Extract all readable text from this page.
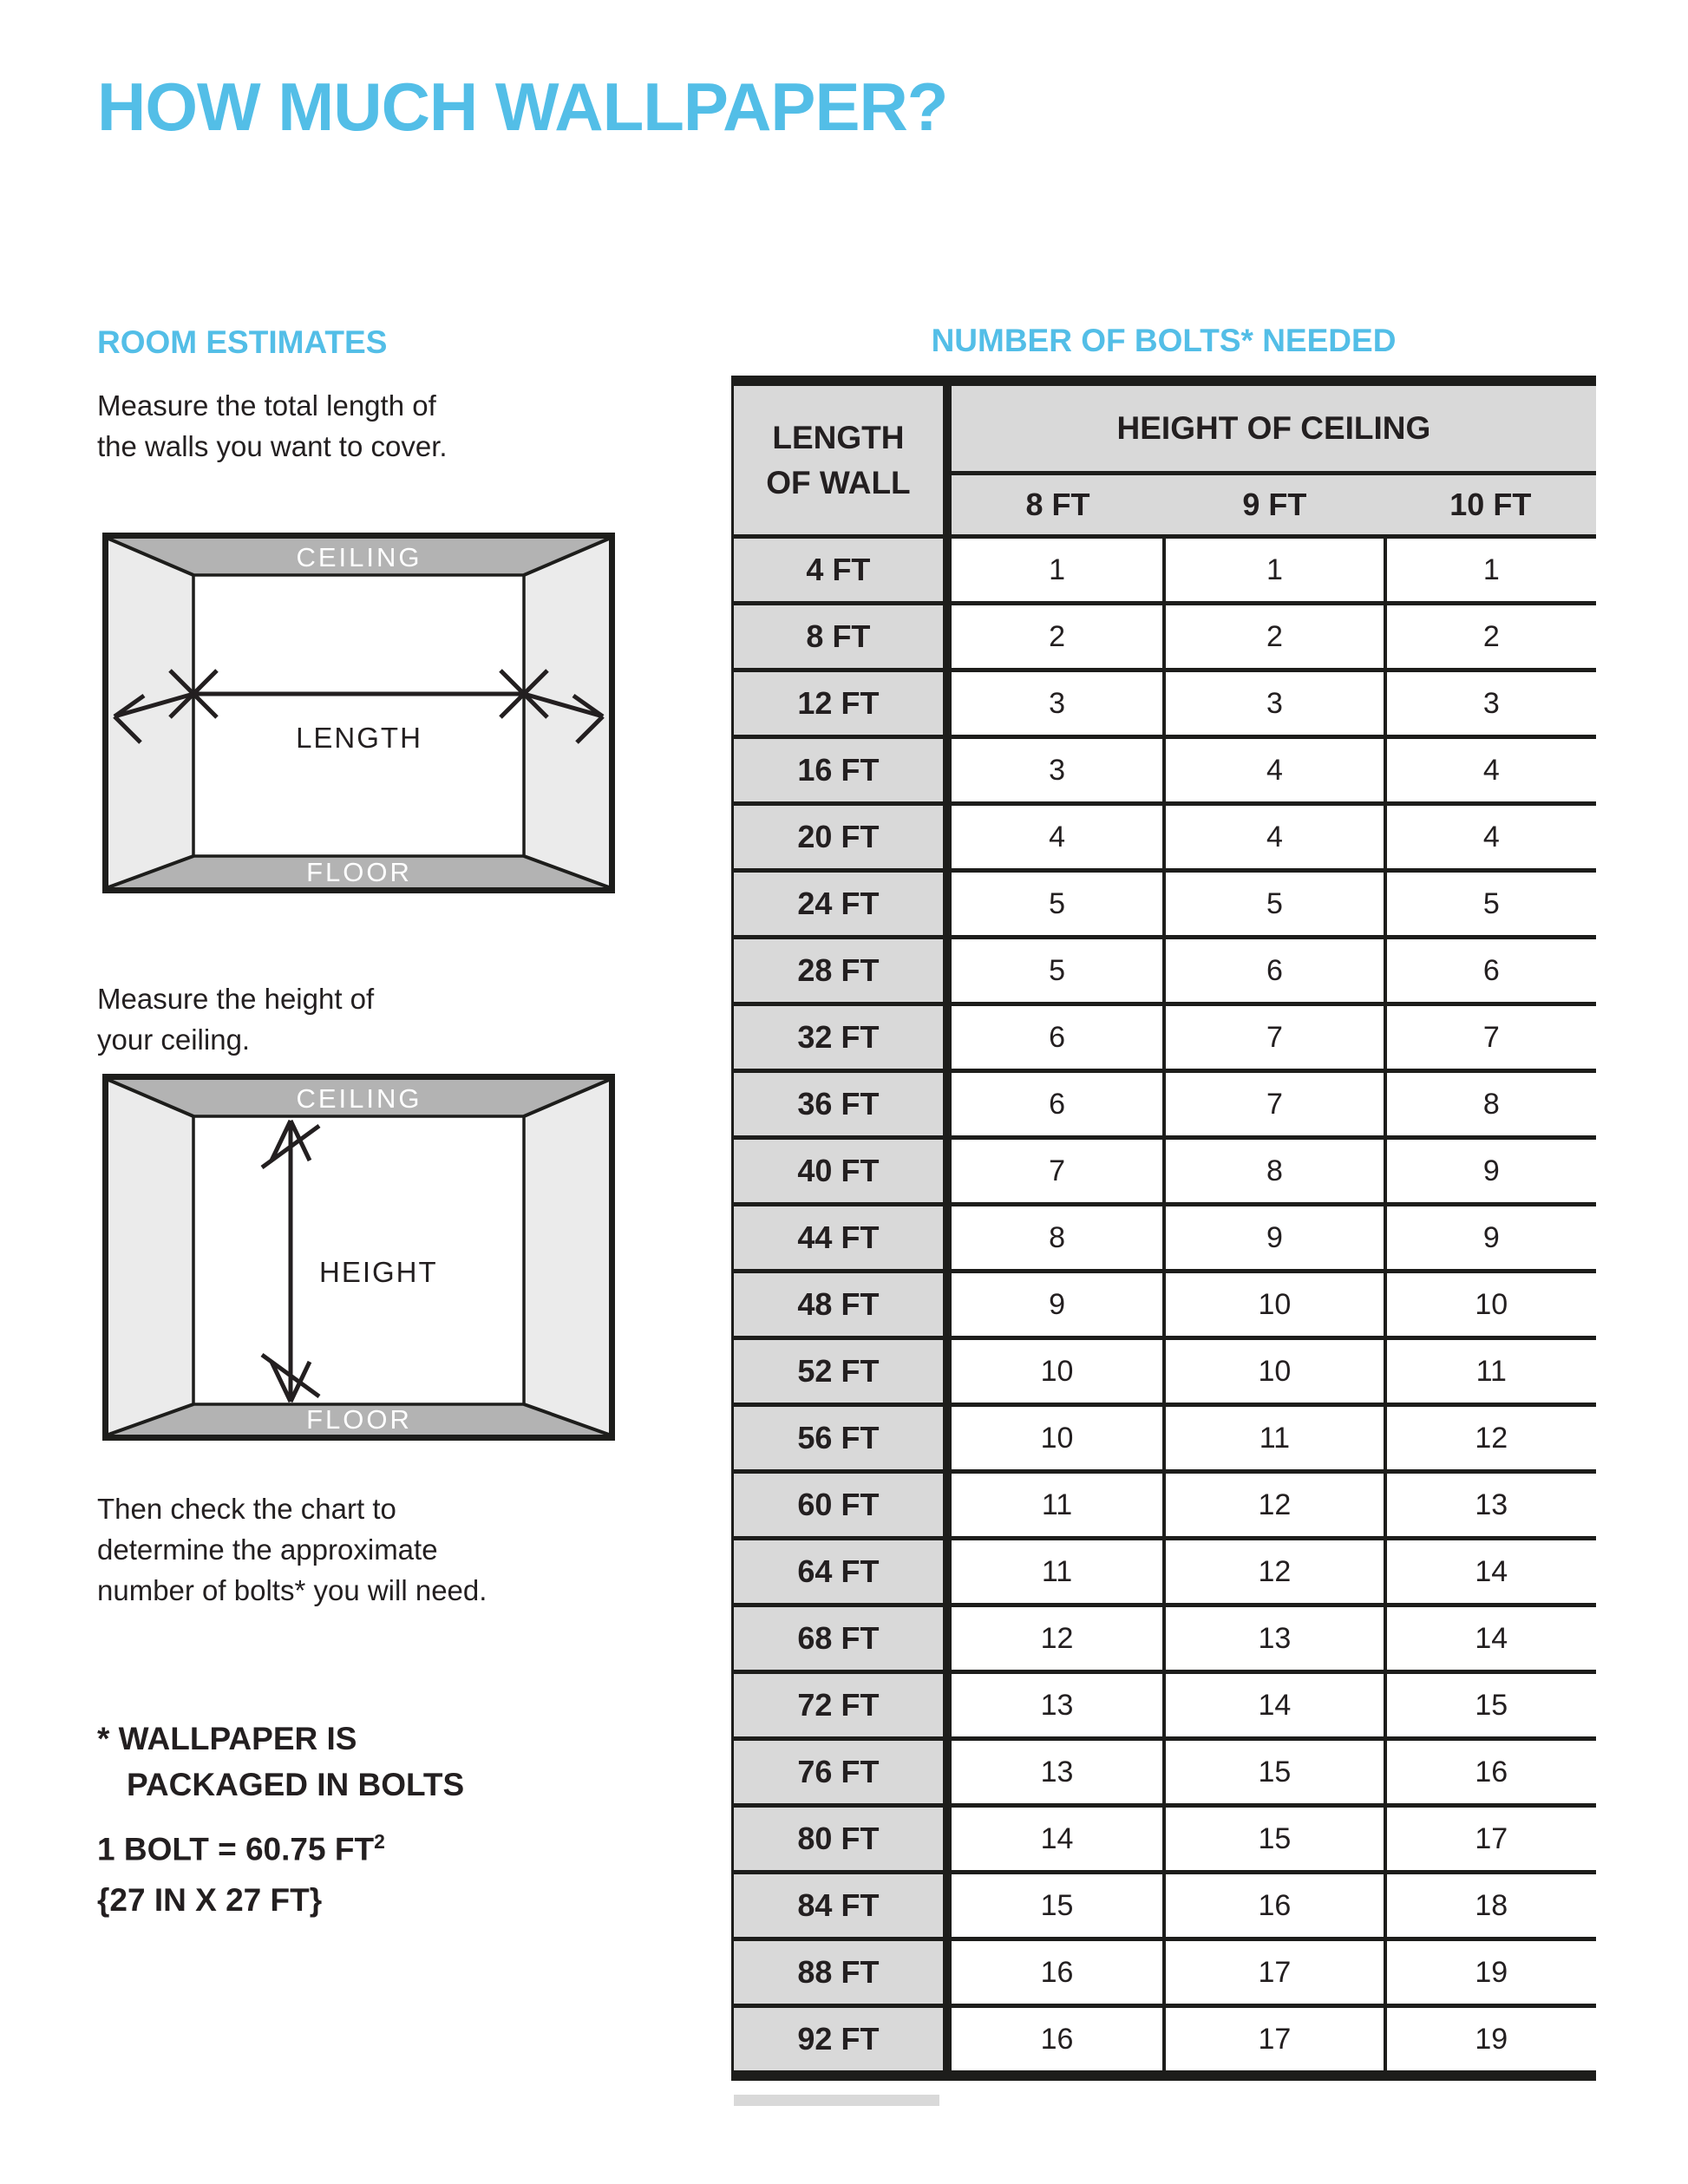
HOW MUCH WALLPAPER?
ROOM ESTIMATES	NUMBER OF BOLTS* NEEDED
Measure the total length of
the walls you want to cover.
CEILING
FLOOR
LENGTH
Measure the height of
your ceiling.
CEILING
FLOOR
HEIGHT
Then check the chart to
determine the approximate
number of bolts* you will need.
* WALLPAPER IS
PACKAGED IN BOLTS
1 BOLT = 60.75 $FT^2$
{27 IN X 27 FT}
LENGTH
OF WALL	HEIGHT OF CEILING		
	8 FT	9 FT	10 FT
4 FT	1	1	1
8 FT	2	2	2
12 FT	3	3	3
16 FT	3	4	4
20 FT	4	4	4
24 FT	5	5	5
28 FT	5	6	6
32 FT	6	7	7
36 FT	6	7	8
40 FT	7	8	9
44 FT	8	9	9
48 FT	9	10	10
52 FT	10	10	11
56 FT	10	11	12
60 FT	11	12	13
64 FT	11	12	14
68 FT	12	13	14
72 FT	13	14	15
76 FT	13	15	16
80 FT	14	15	17
84 FT	15	16	18
88 FT	16	17	19
92 FT	16	17	19
